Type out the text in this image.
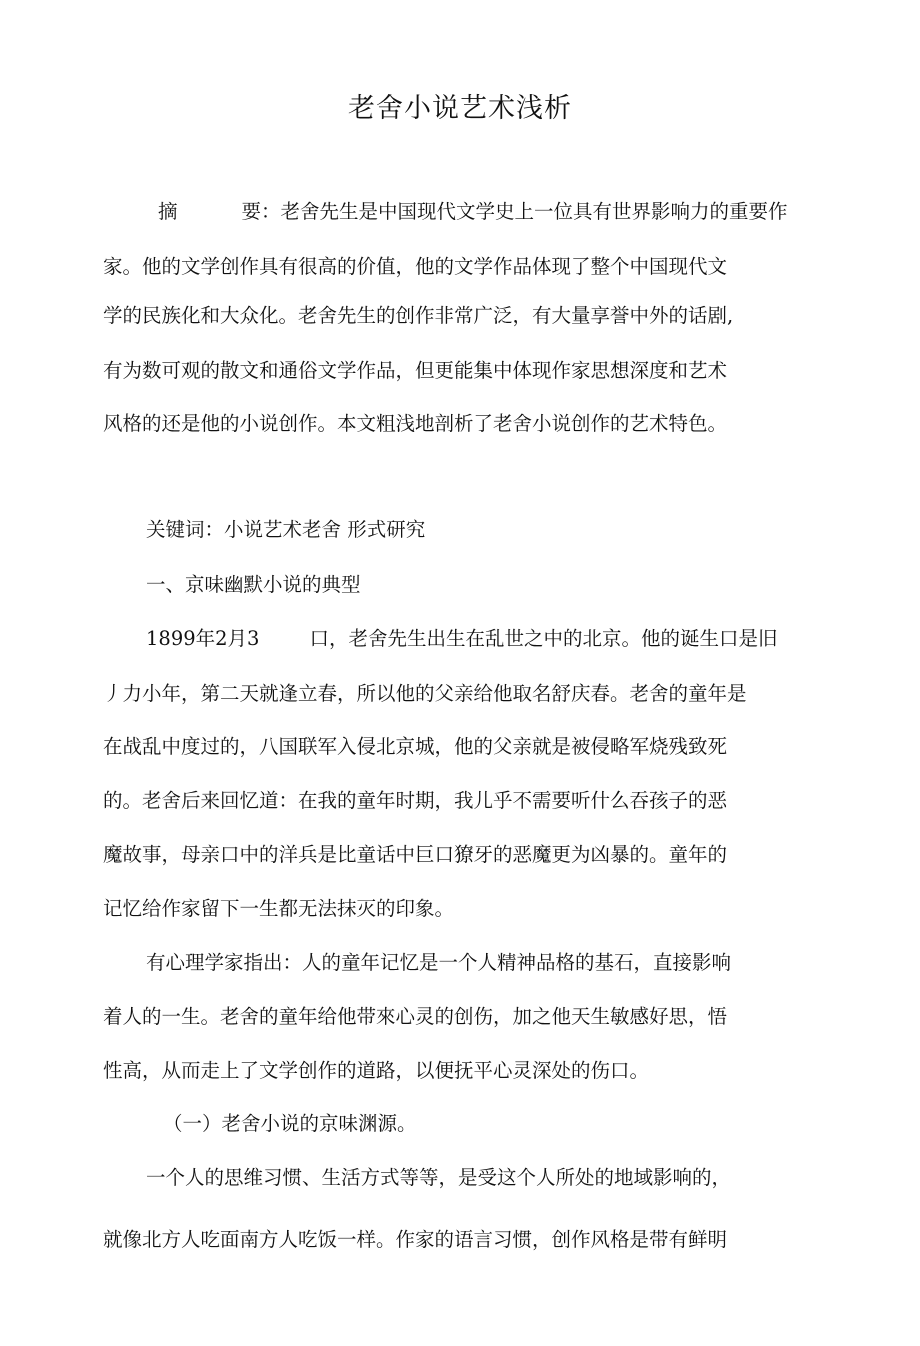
老舍小说艺术浅析
摘	要：老舍先生是中国现代文学史上一位具有世界影响力的重要作
家。他的文学创作具有很高的价值，他的文学作品体现了整个中国现代文
学的民族化和大众化。老舍先生的创作非常广泛，有大量享誉中外的话剧,
有为数可观的散文和通俗文学作品，但更能集中体现作家思想深度和艺术
风格的还是他的小说创作。本文粗浅地剖析了老舍小说创作的艺术特色。
关键词：小说艺术老舍 形式研究
一、京味幽默小说的典型
1899年2月3	口，老舍先生出生在乱世之中的北京。他的诞生口是旧
丿力小年，第二天就逢立春，所以他的父亲给他取名舒庆春。老舍的童年是
在战乱中度过的，八国联军入侵北京城，他的父亲就是被侵略军烧残致死
的。老舍后来回忆道：在我的童年时期，我儿乎不需要听什么吞孩子的恶
魔故事，母亲口中的洋兵是比童话中巨口獠牙的恶魔更为凶暴的。童年的
记忆给作家留下一生都无法抹灭的印象。
有心理学家指出：人的童年记忆是一个人精神品格的基石，直接影响
着人的一生。老舍的童年给他带來心灵的创伤，加之他天生敏感好思，悟
性高，从而走上了文学创作的道路，以便抚平心灵深处的伤口。
（一）老舍小说的京味渊源。
一个人的思维习惯、生活方式等等，是受这个人所处的地域影响的，
就像北方人吃面南方人吃饭一样。作家的语言习惯，创作风格是带有鲜明
